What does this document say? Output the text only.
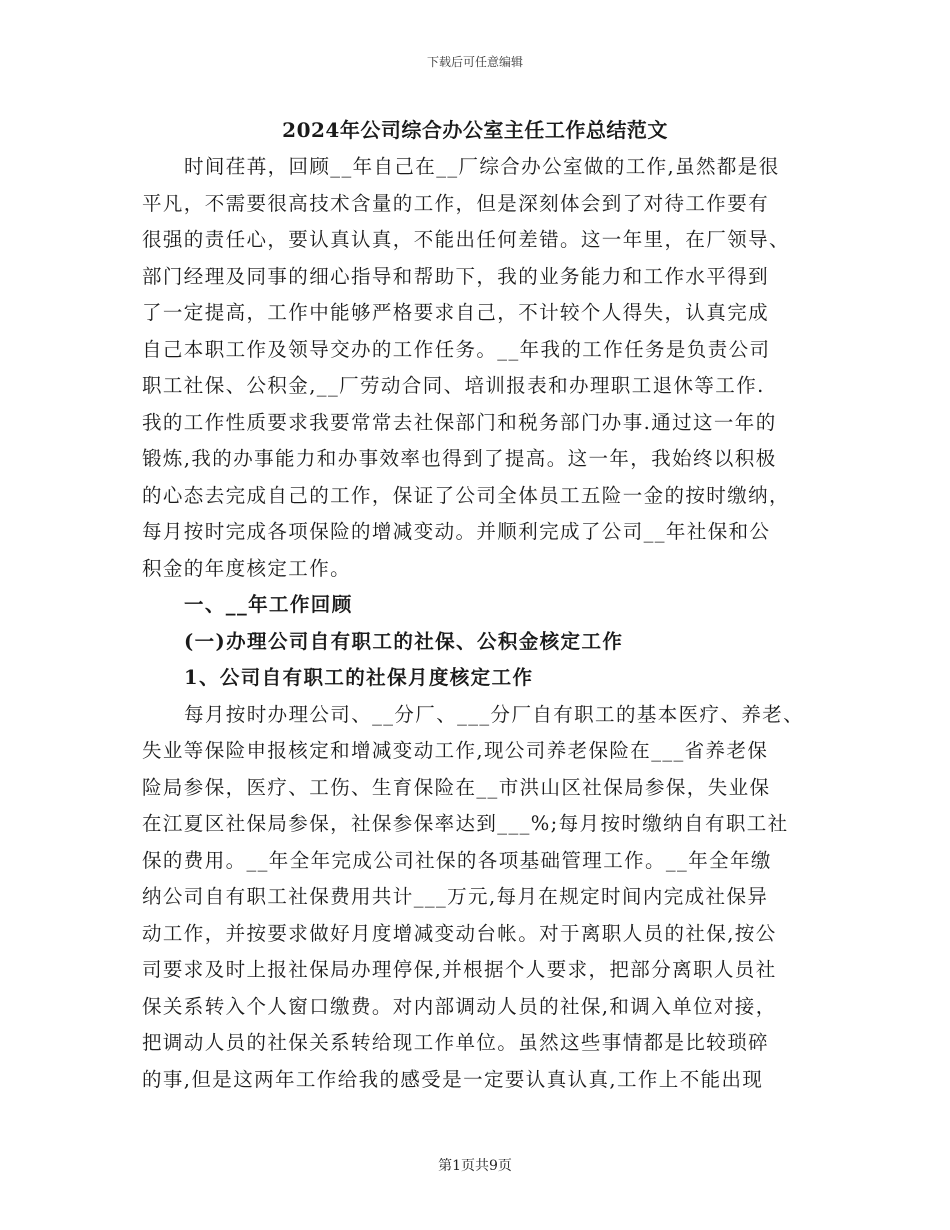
下载后可任意编辑
2024年公司综合办公室主任工作总结范文
时间荏苒，回顾__年自己在__厂综合办公室做的工作,虽然都是很
平凡，不需要很高技术含量的工作，但是深刻体会到了对待工作要有
很强的责任心，要认真认真，不能出任何差错。这一年里，在厂领导、
部门经理及同事的细心指导和帮助下，我的业务能力和工作水平得到
了一定提高，工作中能够严格要求自己，不计较个人得失，认真完成
自己本职工作及领导交办的工作任务。__年我的工作任务是负责公司
职工社保、公积金,__厂劳动合同、培训报表和办理职工退休等工作.
我的工作性质要求我要常常去社保部门和税务部门办事.通过这一年的
锻炼,我的办事能力和办事效率也得到了提高。这一年，我始终以积极
的心态去完成自己的工作，保证了公司全体员工五险一金的按时缴纳，
每月按时完成各项保险的增减变动。并顺利完成了公司__年社保和公
积金的年度核定工作。
一、__年工作回顾
(一)办理公司自有职工的社保、公积金核定工作
1、公司自有职工的社保月度核定工作
每月按时办理公司、__分厂、___分厂自有职工的基本医疗、养老、
失业等保险申报核定和增减变动工作,现公司养老保险在___省养老保
险局参保，医疗、工伤、生育保险在__市洪山区社保局参保，失业保
在江夏区社保局参保，社保参保率达到___%;每月按时缴纳自有职工社
保的费用。__年全年完成公司社保的各项基础管理工作。__年全年缴
纳公司自有职工社保费用共计___万元,每月在规定时间内完成社保异
动工作，并按要求做好月度增减变动台帐。对于离职人员的社保,按公
司要求及时上报社保局办理停保,并根据个人要求，把部分离职人员社
保关系转入个人窗口缴费。对内部调动人员的社保,和调入单位对接，
把调动人员的社保关系转给现工作单位。虽然这些事情都是比较琐碎
的事,但是这两年工作给我的感受是一定要认真认真,工作上不能出现
第1页共9页
